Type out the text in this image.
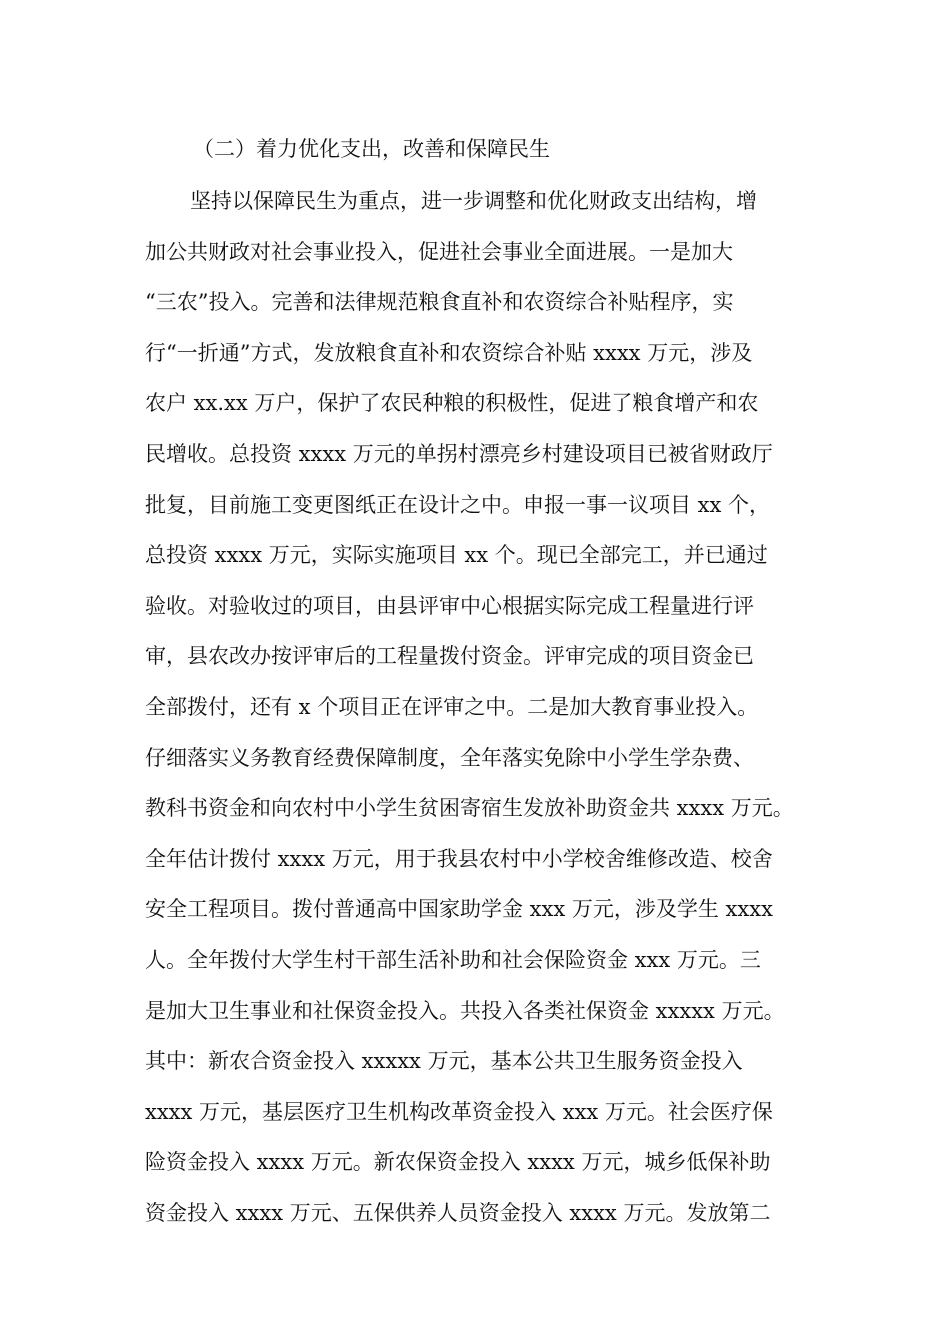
（二）着力优化支出，改善和保障民生
坚持以保障民生为重点，进一步调整和优化财政支出结构，增
加公共财政对社会事业投入，促进社会事业全面进展。一是加大
“三农”投入。完善和法律规范粮食直补和农资综合补贴程序，实
行“一折通”方式，发放粮食直补和农资综合补贴 xxxx 万元，涉及
农户 xx.xx 万户，保护了农民种粮的积极性，促进了粮食增产和农
民增收。总投资 xxxx 万元的单拐村漂亮乡村建设项目已被省财政厅
批复，目前施工变更图纸正在设计之中。申报一事一议项目 xx 个，
总投资 xxxx 万元，实际实施项目 xx 个。现已全部完工，并已通过
验收。对验收过的项目，由县评审中心根据实际完成工程量进行评
审，县农改办按评审后的工程量拨付资金。评审完成的项目资金已
全部拨付，还有 x 个项目正在评审之中。二是加大教育事业投入。
仔细落实义务教育经费保障制度，全年落实免除中小学生学杂费、
教科书资金和向农村中小学生贫困寄宿生发放补助资金共 xxxx 万元。
全年估计拨付 xxxx 万元，用于我县农村中小学校舍维修改造、校舍
安全工程项目。拨付普通高中国家助学金 xxx 万元，涉及学生 xxxx
人。全年拨付大学生村干部生活补助和社会保险资金 xxx 万元。三
是加大卫生事业和社保资金投入。共投入各类社保资金 xxxxx 万元。
其中：新农合资金投入 xxxxx 万元，基本公共卫生服务资金投入
xxxx 万元，基层医疗卫生机构改革资金投入 xxx 万元。社会医疗保
险资金投入 xxxx 万元。新农保资金投入 xxxx 万元，城乡低保补助
资金投入 xxxx 万元、五保供养人员资金投入 xxxx 万元。发放第二
